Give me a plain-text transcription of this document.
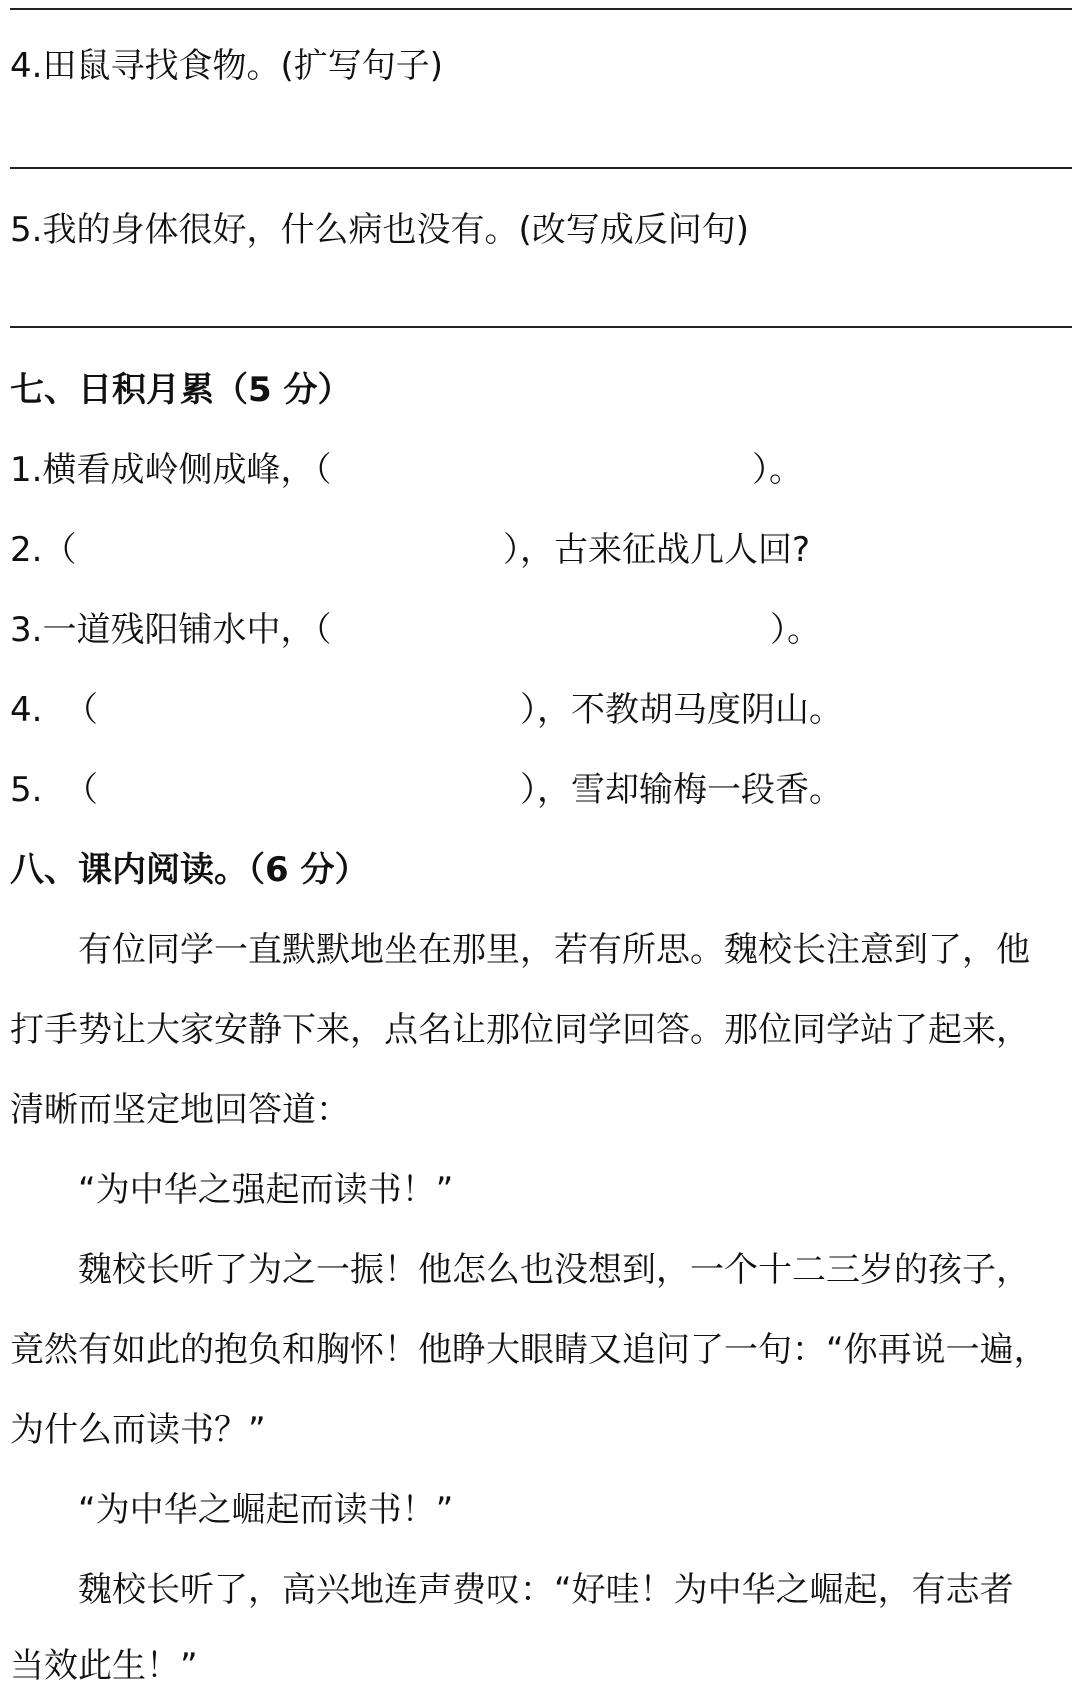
4.田鼠寻找食物。(扩写句子)
5.我的身体很好，什么病也没有。(改写成反问句)
七、日积月累（5 分）
1.横看成岭侧成峰，（	）。
2.（	），古来征战几人回?
3.一道残阳铺水中，（	）。
4.  （	），不教胡马度阴山。
5.  （	），雪却输梅一段香。
八、课内阅读。（6 分）
　　有位同学一直默默地坐在那里，若有所思。魏校长注意到了，他
打手势让大家安静下来，点名让那位同学回答。那位同学站了起来，
清晰而坚定地回答道：
　　“为中华之强起而读书！”
　　魏校长听了为之一振！他怎么也没想到，一个十二三岁的孩子，
竟然有如此的抱负和胸怀！他睁大眼睛又追问了一句：“你再说一遍，
为什么而读书？”
　　“为中华之崛起而读书！”
　　魏校长听了，高兴地连声费叹：“好哇！为中华之崛起，有志者
当效此生！”
